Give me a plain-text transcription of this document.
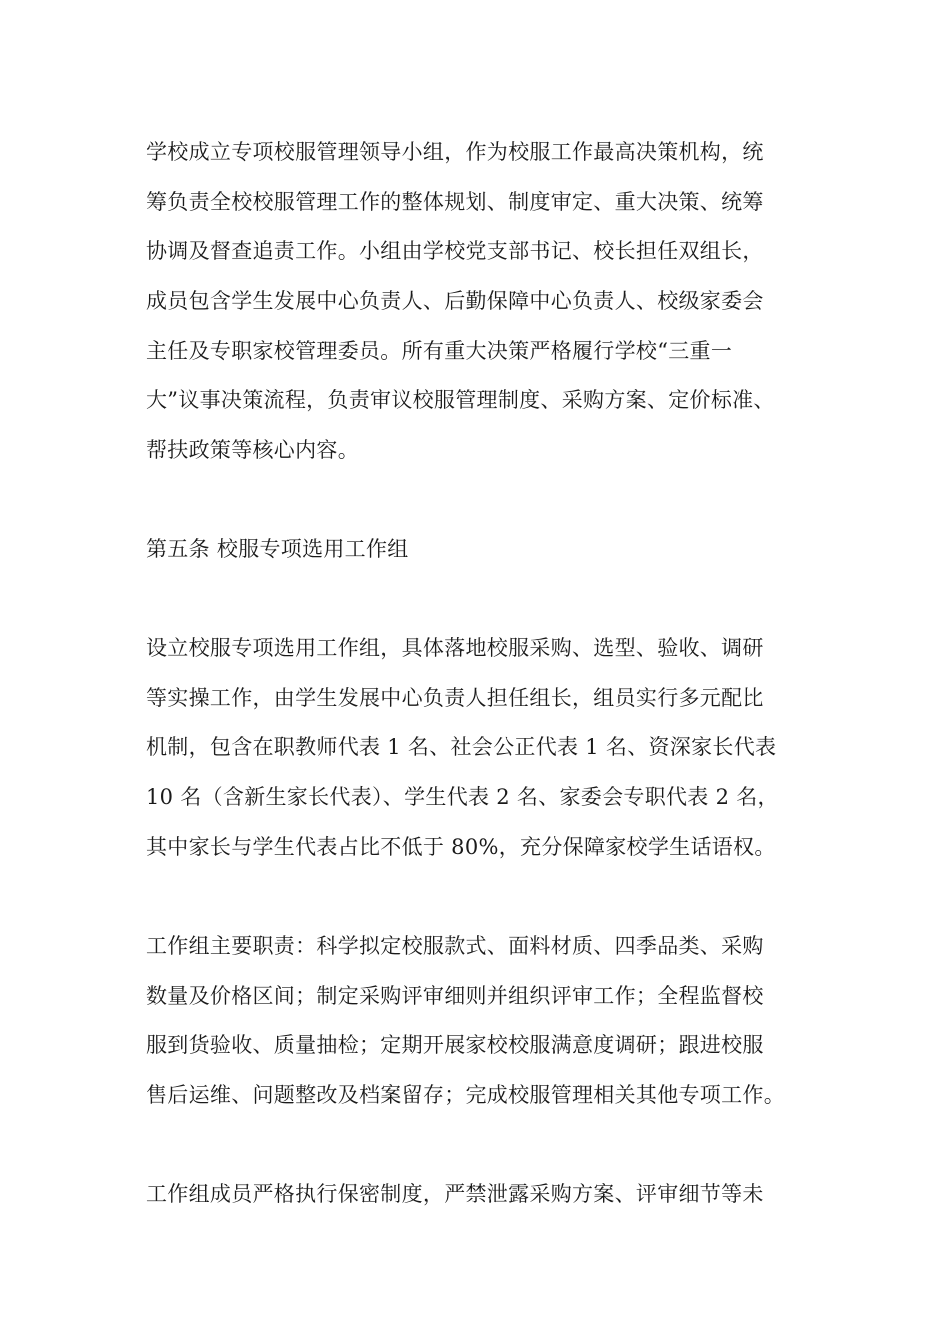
学校成立专项校服管理领导小组，作为校服工作最高决策机构，统
筹负责全校校服管理工作的整体规划、制度审定、重大决策、统筹
协调及督查追责工作。小组由学校党支部书记、校长担任双组长，
成员包含学生发展中心负责人、后勤保障中心负责人、校级家委会
主任及专职家校管理委员。所有重大决策严格履行学校“三重一
大”议事决策流程，负责审议校服管理制度、采购方案、定价标准、
帮扶政策等核心内容。
第五条 校服专项选用工作组
设立校服专项选用工作组，具体落地校服采购、选型、验收、调研
等实操工作，由学生发展中心负责人担任组长，组员实行多元配比
机制，包含在职教师代表 1 名、社会公正代表 1 名、资深家长代表
10 名（含新生家长代表）、学生代表 2 名、家委会专职代表 2 名，
其中家长与学生代表占比不低于 80%，充分保障家校学生话语权。
工作组主要职责：科学拟定校服款式、面料材质、四季品类、采购
数量及价格区间；制定采购评审细则并组织评审工作；全程监督校
服到货验收、质量抽检；定期开展家校校服满意度调研；跟进校服
售后运维、问题整改及档案留存；完成校服管理相关其他专项工作。
工作组成员严格执行保密制度，严禁泄露采购方案、评审细节等未
